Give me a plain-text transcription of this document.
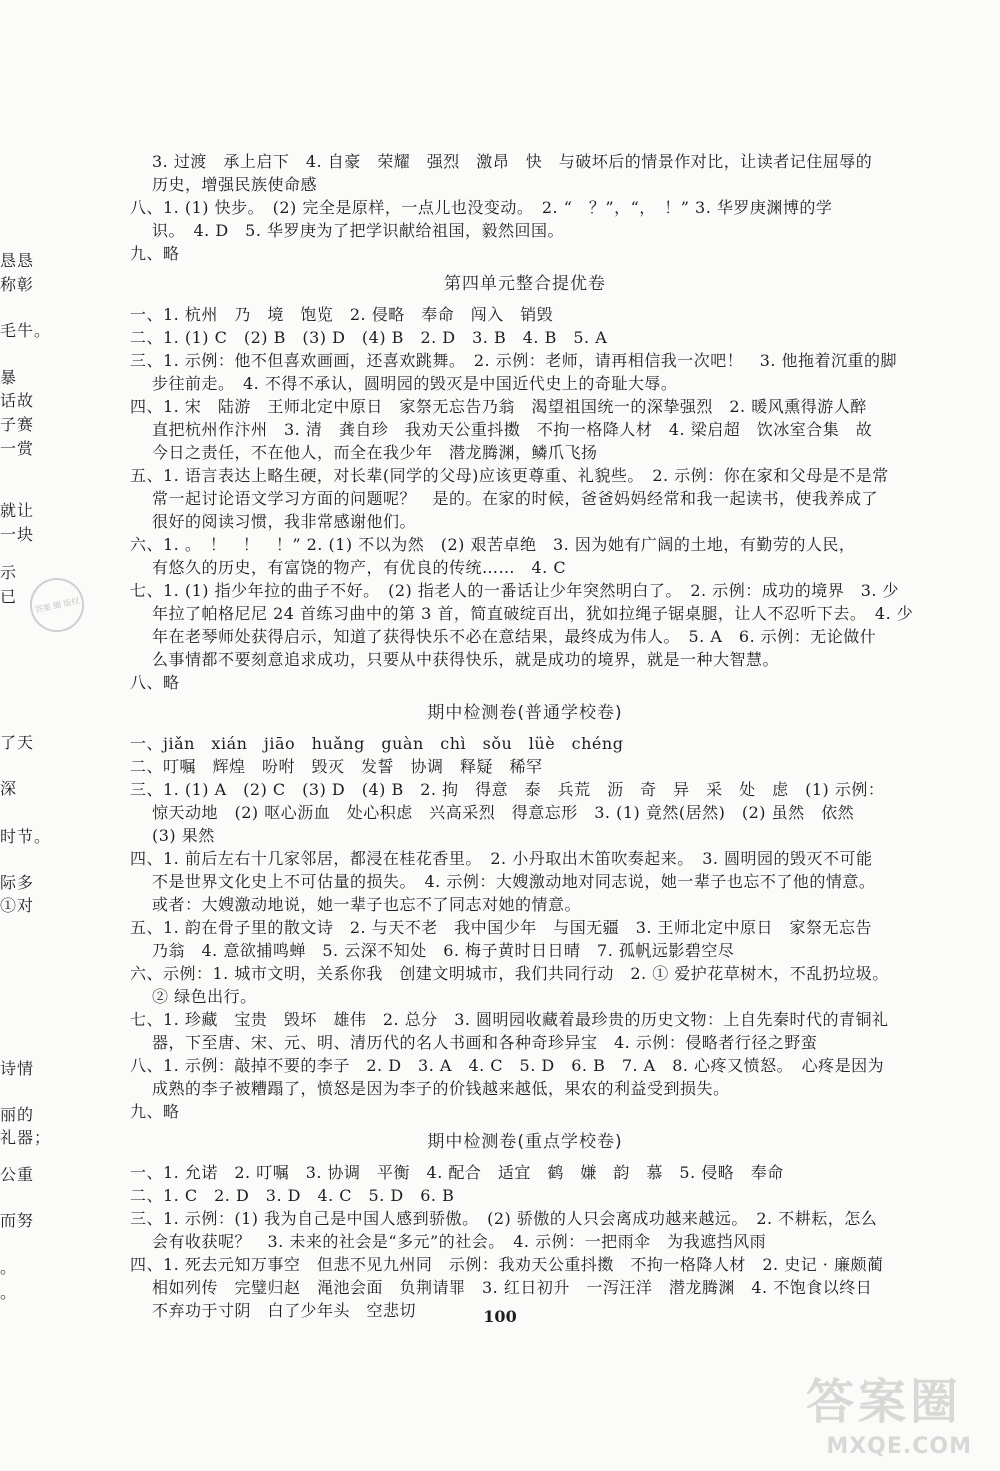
恳恳
称彰
毛牛。
暴
话故
子赛
一赏
就让
一块
示
已
了天
深
时节。
际多
①对
诗情
丽的
礼器；
公重
而努
。
。
答案 圈 版权
3. 过渡　承上启下　4. 自豪　荣耀　强烈　激昂　快　与破坏后的情景作对比，让读者记住屈辱的
历史，增强民族使命感
八、1. (1) 快步。　(2) 完全是原样，一点儿也没变动。　2. “　？”，“，　！” 3. 华罗庚渊博的学
识。　4. D　5. 华罗庚为了把学识献给祖国，毅然回国。
九、略
第四单元整合提优卷
一、1. 杭州　乃　境　饱览　2. 侵略　奉命　闯入　销毁
二、1. (1) C　(2) B　(3) D　(4) B　2. D　3. B　4. B　5. A
三、1. 示例：他不但喜欢画画，还喜欢跳舞。　2. 示例：老师，请再相信我一次吧！　3. 他拖着沉重的脚
步往前走。　4. 不得不承认，圆明园的毁灭是中国近代史上的奇耻大辱。
四、1. 宋　陆游　王师北定中原日　家祭无忘告乃翁　渴望祖国统一的深挚强烈　2. 暖风熏得游人醉
直把杭州作汴州　3. 清　龚自珍　我劝天公重抖擞　不拘一格降人材　4. 梁启超　饮冰室合集　故
今日之责任，不在他人，而全在我少年　潜龙腾渊，鳞爪飞扬
五、1. 语言表达上略生硬，对长辈(同学的父母)应该更尊重、礼貌些。　2. 示例：你在家和父母是不是常
常一起讨论语文学习方面的问题呢？　是的。在家的时候，爸爸妈妈经常和我一起读书，使我养成了
很好的阅读习惯，我非常感谢他们。
六、1. 。　！　！　！” 2. (1) 不以为然　(2) 艰苦卓绝　3. 因为她有广阔的土地，有勤劳的人民，
有悠久的历史，有富饶的物产，有优良的传统……　4. C
七、1. (1) 指少年拉的曲子不好。　(2) 指老人的一番话让少年突然明白了。　2. 示例：成功的境界　3. 少
年拉了帕格尼尼 24 首练习曲中的第 3 首，简直破绽百出，犹如拉绳子锯桌腿，让人不忍听下去。　4. 少
年在老琴师处获得启示，知道了获得快乐不必在意结果，最终成为伟人。　5. A　6. 示例：无论做什
么事情都不要刻意追求成功，只要从中获得快乐，就是成功的境界，就是一种大智慧。
八、略
期中检测卷(普通学校卷)
一、jiǎn　xián　jiāo　huǎng　guàn　chì　sǒu　lüè　chéng
二、叮嘱　辉煌　吩咐　毁灭　发誓　协调　释疑　稀罕
三、1. (1) A　(2) C　(3) D　(4) B　2. 拘　得意　泰　兵荒　沥　奇　异　采　处　虑　(1) 示例：
惊天动地　(2) 呕心沥血　处心积虑　兴高采烈　得意忘形　3. (1) 竟然(居然)　(2) 虽然　依然
(3) 果然
四、1. 前后左右十几家邻居，都浸在桂花香里。　2. 小丹取出木笛吹奏起来。　3. 圆明园的毁灭不可能
不是世界文化史上不可估量的损失。　4. 示例：大嫂激动地对同志说，她一辈子也忘不了他的情意。
或者：大嫂激动地说，她一辈子也忘不了同志对她的情意。
五、1. 韵在骨子里的散文诗　2. 与天不老　我中国少年　与国无疆　3. 王师北定中原日　家祭无忘告
乃翁　4. 意欲捕鸣蝉　5. 云深不知处　6. 梅子黄时日日晴　7. 孤帆远影碧空尽
六、示例：1. 城市文明，关系你我　创建文明城市，我们共同行动　2. ① 爱护花草树木，不乱扔垃圾。
② 绿色出行。
七、1. 珍藏　宝贵　毁坏　雄伟　2. 总分　3. 圆明园收藏着最珍贵的历史文物：上自先秦时代的青铜礼
器，下至唐、宋、元、明、清历代的名人书画和各种奇珍异宝　4. 示例：侵略者行径之野蛮
八、1. 示例：敲掉不要的李子　2. D　3. A　4. C　5. D　6. B　7. A　8. 心疼又愤怒。　心疼是因为
成熟的李子被糟蹋了，愤怒是因为李子的价钱越来越低，果农的利益受到损失。
九、略
期中检测卷(重点学校卷)
一、1. 允诺　2. 叮嘱　3. 协调　平衡　4. 配合　适宜　鹤　嫌　韵　慕　5. 侵略　奉命
二、1. C　2. D　3. D　4. C　5. D　6. B
三、1. 示例：(1) 我为自己是中国人感到骄傲。　(2) 骄傲的人只会离成功越来越远。　2. 不耕耘，怎么
会有收获呢？　3. 未来的社会是“多元”的社会。　4. 示例：一把雨伞　为我遮挡风雨
四、1. 死去元知万事空　但悲不见九州同　示例：我劝天公重抖擞　不拘一格降人材　2. 史记 · 廉颇蔺
相如列传　完璧归赵　渑池会面　负荆请罪　3. 红日初升　一泻汪洋　潜龙腾渊　4. 不饱食以终日
不弃功于寸阴　白了少年头　空悲切	100
答案圈
MXQE.COM
